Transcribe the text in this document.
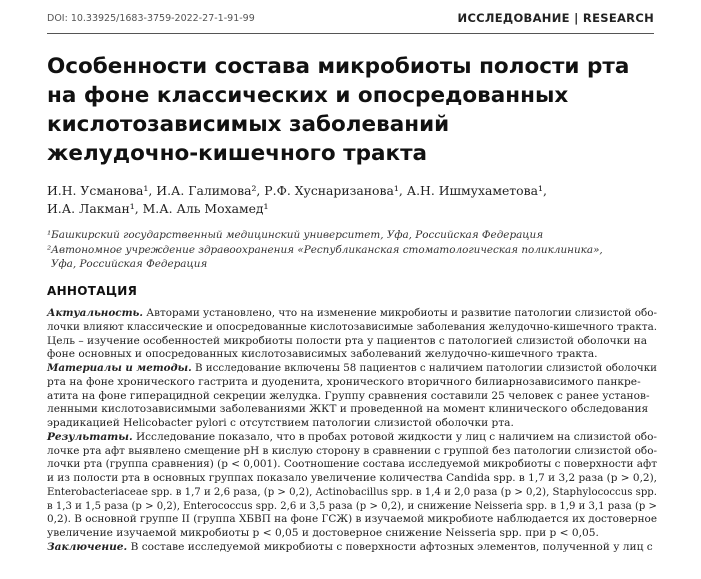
DOI: 10.33925/1683-3759-2022-27-1-91-99	ИССЛЕДОВАНИЕ | RESEARCH
Особенности состава микробиоты полости рта
на фоне классических и опосредованных
кислотозависимых заболеваний
желудочно-кишечного тракта
И.Н. Усманова¹, И.А. Галимова², Р.Ф. Хуснаризанова¹, А.Н. Ишмухаметова¹,
И.А. Лакман¹, М.А. Аль Мохамед¹
¹Башкирский государственный медицинский университет, Уфа, Российская Федерация
²Автономное учреждение здравоохранения «Республиканская стоматологическая поликлиника»,
Уфа, Российская Федерация
АННОТАЦИЯ
Актуальность. Авторами установлено, что на изменение микробиоты и развитие патологии слизистой обо-
лочки влияют классические и опосредованные кислотозависимые заболевания желудочно-кишечного тракта.
Цель – изучение особенностей микробиоты полости рта у пациентов с патологией слизистой оболочки на
фоне основных и опосредованных кислотозависимых заболеваний желудочно-кишечного тракта.
Материалы и методы. В исследование включены 58 пациентов с наличием патологии слизистой оболочки
рта на фоне хронического гастрита и дуоденита, хронического вторичного билиарнозависимого панкре-
атита на фоне гиперацидной секреции желудка. Группу сравнения составили 25 человек с ранее установ-
ленными кислотозависимыми заболеваниями ЖКТ и проведенной на момент клинического обследования
эрадикацией Helicobacter pylori с отсутствием патологии слизистой оболочки рта.
Результаты. Исследование показало, что в пробах ротовой жидкости у лиц с наличием на слизистой обо-
лочке рта афт выявлено смещение pH в кислую сторону в сравнении с группой без патологии слизистой обо-
лочки рта (группа сравнения) (р < 0,001). Соотношение состава исследуемой микробиоты с поверхности афт
и из полости рта в основных группах показало увеличение количества Candida spp. в 1,7 и 3,2 раза (р > 0,2),
Enterobacteriaceae spp. в 1,7 и 2,6 раза, (р > 0,2), Actinobacillus spp. в 1,4 и 2,0 раза (р > 0,2), Staphylococcus spp.
в 1,3 и 1,5 раза (р > 0,2), Enterococcus spp. 2,6 и 3,5 раза (р > 0,2), и снижение Neisseria spp. в 1,9 и 3,1 раза (р >
0,2). В основной группе II (группа ХБВП на фоне ГСЖ) в изучаемой микробиоте наблюдается их достоверное
увеличение изучаемой микробиоты р < 0,05 и достоверное снижение Neisseria spp. при р < 0,05.
Заключение. В составе исследуемой микробиоты с поверхности афтозных элементов, полученной у лиц с
